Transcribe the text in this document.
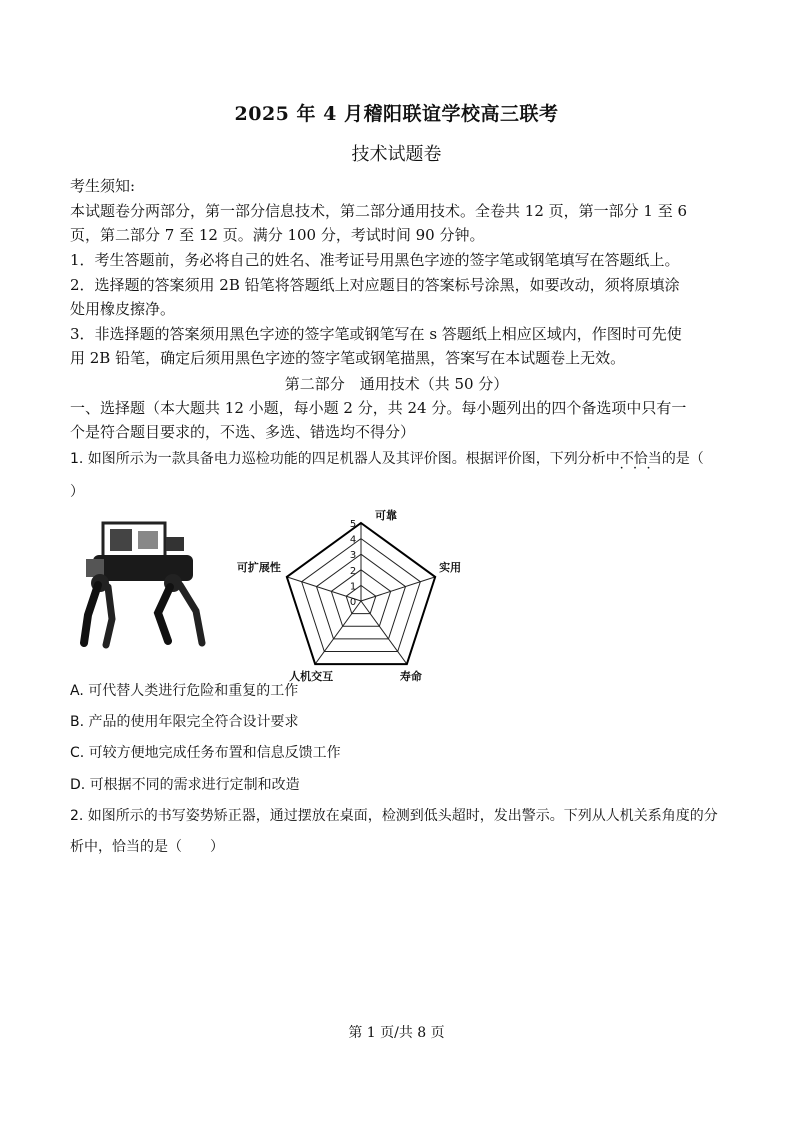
2025 年 4 月稽阳联谊学校高三联考
技术试题卷
考生须知:
本试题卷分两部分，第一部分信息技术，第二部分通用技术。全卷共 12 页，第一部分 1 至 6
页，第二部分 7 至 12 页。满分 100 分，考试时间 90 分钟。
1．考生答题前，务必将自己的姓名、准考证号用黑色字迹的签字笔或钢笔填写在答题纸上。
2．选择题的答案须用 2B 铅笔将答题纸上对应题目的答案标号涂黑，如要改动，须将原填涂
处用橡皮擦净。
3．非选择题的答案须用黑色字迹的签字笔或钢笔写在 s 答题纸上相应区域内，作图时可先使
用 2B 铅笔，确定后须用黑色字迹的签字笔或钢笔描黑，答案写在本试题卷上无效。
第二部分　通用技术（共 50 分）
一、选择题（本大题共 12 小题，每小题 2 分，共 24 分。每小题列出的四个备选项中只有一
个是符合题目要求的，不选、多选、错选均不得分）
1. 如图所示为一款具备电力巡检功能的四足机器人及其评价图。根据评价图，下列分析中不恰当 • • •的是（
）
0
1
2
3
4
5
可靠
实用
寿命
人机交互
可扩展性
A. 可代替人类进行危险和重复的工作
B. 产品的使用年限完全符合设计要求
C. 可较方便地完成任务布置和信息反馈工作
D. 可根据不同的需求进行定制和改造
2. 如图所示的书写姿势矫正器，通过摆放在桌面，检测到低头超时，发出警示。下列从人机关系角度的分
析中，恰当的是（　　）
第 1 页/共 8 页
